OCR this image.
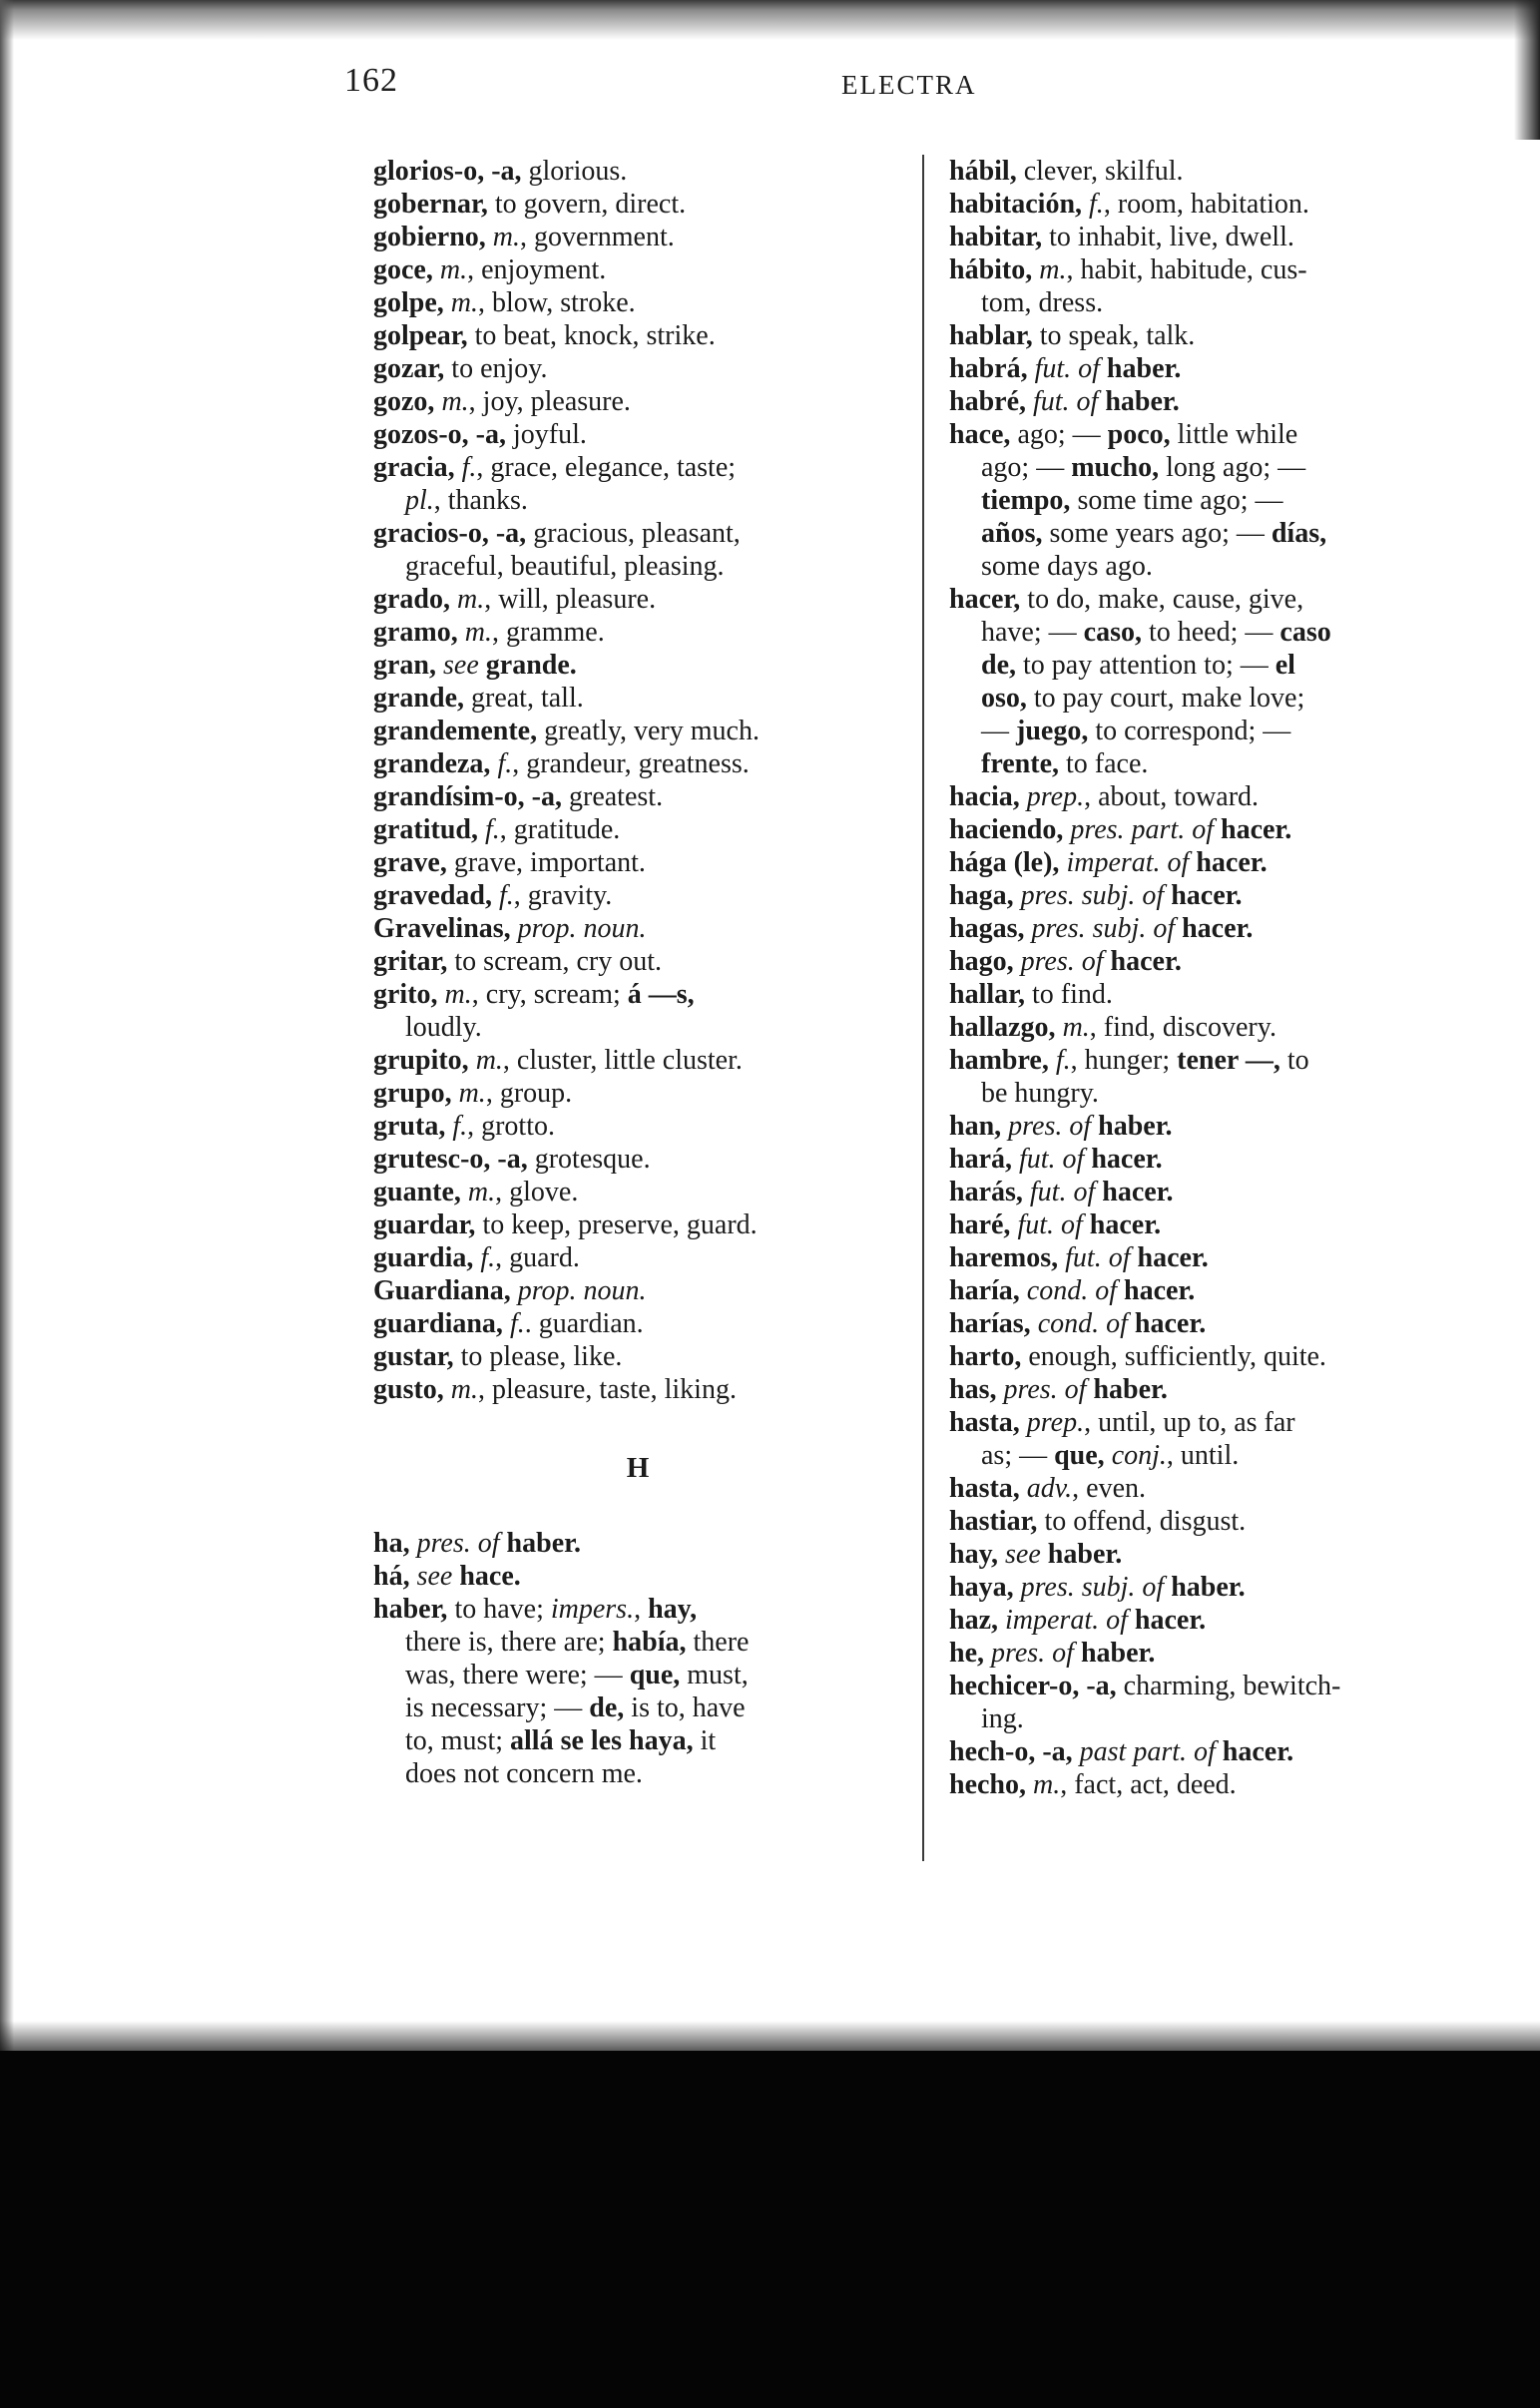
162	ELECTRA
glorios-o, -a, glorious.
gobernar, to govern, direct.
gobierno, m., government.
goce, m., enjoyment.
golpe, m., blow, stroke.
golpear, to beat, knock, strike.
gozar, to enjoy.
gozo, m., joy, pleasure.
gozos-o, -a, joyful.
gracia, f., grace, elegance, taste;
pl., thanks.
gracios-o, -a, gracious, pleasant,
graceful, beautiful, pleasing.
grado, m., will, pleasure.
gramo, m., gramme.
gran, see grande.
grande, great, tall.
grandemente, greatly, very much.
grandeza, f., grandeur, greatness.
grandísim-o, -a, greatest.
gratitud, f., gratitude.
grave, grave, important.
gravedad, f., gravity.
Gravelinas, prop. noun.
gritar, to scream, cry out.
grito, m., cry, scream; á —s,
loudly.
grupito, m., cluster, little cluster.
grupo, m., group.
gruta, f., grotto.
grutesc-o, -a, grotesque.
guante, m., glove.
guardar, to keep, preserve, guard.
guardia, f., guard.
Guardiana, prop. noun.
guardiana, f.. guardian.
gustar, to please, like.
gusto, m., pleasure, taste, liking.
H
ha, pres. of haber.
há, see hace.
haber, to have; impers., hay,
there is, there are; había, there
was, there were; — que, must,
is necessary; — de, is to, have
to, must; allá se les haya, it
does not concern me.
hábil, clever, skilful.
habitación, f., room, habitation.
habitar, to inhabit, live, dwell.
hábito, m., habit, habitude, cus-
tom, dress.
hablar, to speak, talk.
habrá, fut. of haber.
habré, fut. of haber.
hace, ago; — poco, little while
ago; — mucho, long ago; —
tiempo, some time ago; —
años, some years ago; — días,
some days ago.
hacer, to do, make, cause, give,
have; — caso, to heed; — caso
de, to pay attention to; — el
oso, to pay court, make love;
— juego, to correspond; —
frente, to face.
hacia, prep., about, toward.
haciendo, pres. part. of hacer.
hága (le), imperat. of hacer.
haga, pres. subj. of hacer.
hagas, pres. subj. of hacer.
hago, pres. of hacer.
hallar, to find.
hallazgo, m., find, discovery.
hambre, f., hunger; tener —, to
be hungry.
han, pres. of haber.
hará, fut. of hacer.
harás, fut. of hacer.
haré, fut. of hacer.
haremos, fut. of hacer.
haría, cond. of hacer.
harías, cond. of hacer.
harto, enough, sufficiently, quite.
has, pres. of haber.
hasta, prep., until, up to, as far
as; — que, conj., until.
hasta, adv., even.
hastiar, to offend, disgust.
hay, see haber.
haya, pres. subj. of haber.
haz, imperat. of hacer.
he, pres. of haber.
hechicer-o, -a, charming, bewitch-
ing.
hech-o, -a, past part. of hacer.
hecho, m., fact, act, deed.
